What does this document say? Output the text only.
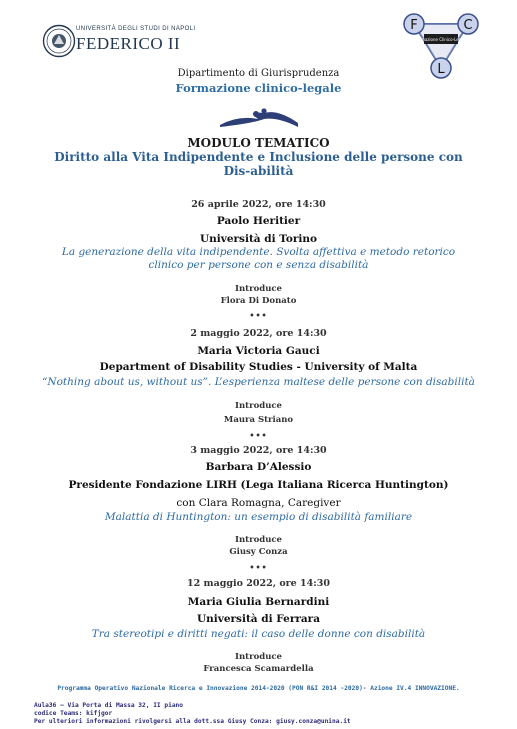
UNIVERSITÀ DEGLI STUDI DI NAPOLI
FEDERICO II	Formazione Clinico-Legale
F	C
L
Dipartimento di Giurisprudenza
Formazione clinico-legale
MODULO TEMATICO
Diritto alla Vita Indipendente e Inclusione delle persone con Dis-abilità
26 aprile 2022, ore 14:30
Paolo Heritier
Università di Torino
La generazione della vita indipendente. Svolta affettiva e metodo retorico clinico per persone con e senza disabilità
Introduce
Flora Di Donato
•••
2 maggio 2022, ore 14:30
Maria Victoria Gauci
Department of Disability Studies - University of Malta
“Nothing about us, without us”. L’esperienza maltese delle persone con disabilità
Introduce
Maura Striano
•••
3 maggio 2022, ore 14:30
Barbara D’Alessio
Presidente Fondazione LIRH (Lega Italiana Ricerca Huntington)
con Clara Romagna, Caregiver
Malattia di Huntington: un esempio di disabilità familiare
Introduce
Giusy Conza
•••
12 maggio 2022, ore 14:30
Maria Giulia Bernardini
Università di Ferrara
Tra stereotipi e diritti negati: il caso delle donne con disabilità
Introduce
Francesca Scamardella
Programma Operativo Nazionale Ricerca e Innovazione 2014-2020 (PON R&I 2014 -2020)- Azione IV.4 INNOVAZIONE.
Aula36 – Via Porta di Massa 32, II piano
codice Teams: kifjgor
Per ulteriori informazioni rivolgersi alla dott.ssa Giusy Conza: giusy.conza@unina.it
